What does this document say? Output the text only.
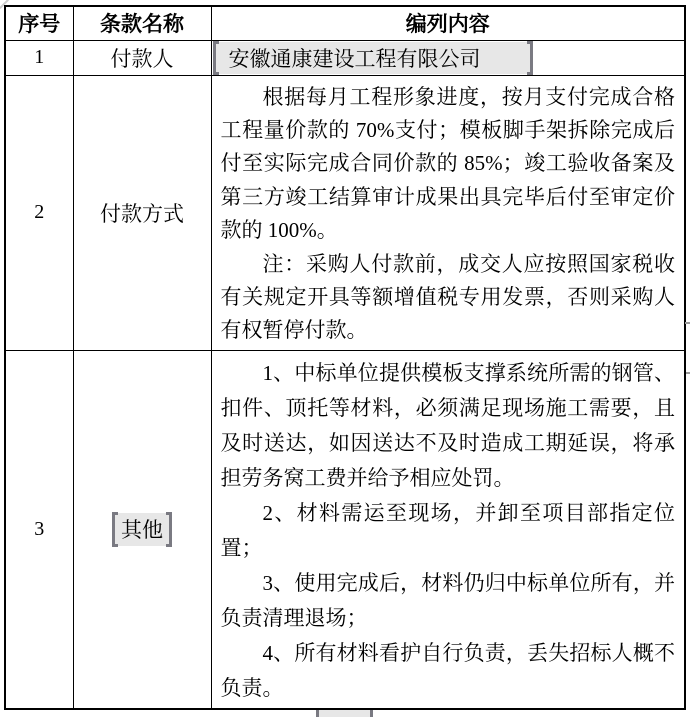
序号	条款名称	编列内容
1	付款人	安徽通康建设工程有限公司

2	付款方式	根据每月工程形象进度，按月支付完成合格工程量价款的 70%支付；模板脚手架拆除完成后付至实际完成合同价款的 85%；竣工验收备案及第三方竣工结算审计成果出具完毕后付至审定价款的 100%。

注：采购人付款前，成交人应按照国家税收有关规定开具等额增值税专用发票，否则采购人有权暂停付款。

3	其他	1、中标单位提供模板支撑系统所需的钢管、扣件、顶托等材料，必须满足现场施工需要，且及时送达，如因送达不及时造成工期延误，将承担劳务窝工费并给予相应处罚。

2、材料需运至现场，并卸至项目部指定位置；

3、使用完成后，材料仍归中标单位所有，并负责清理退场；

4、所有材料看护自行负责，丢失招标人概不负责。
